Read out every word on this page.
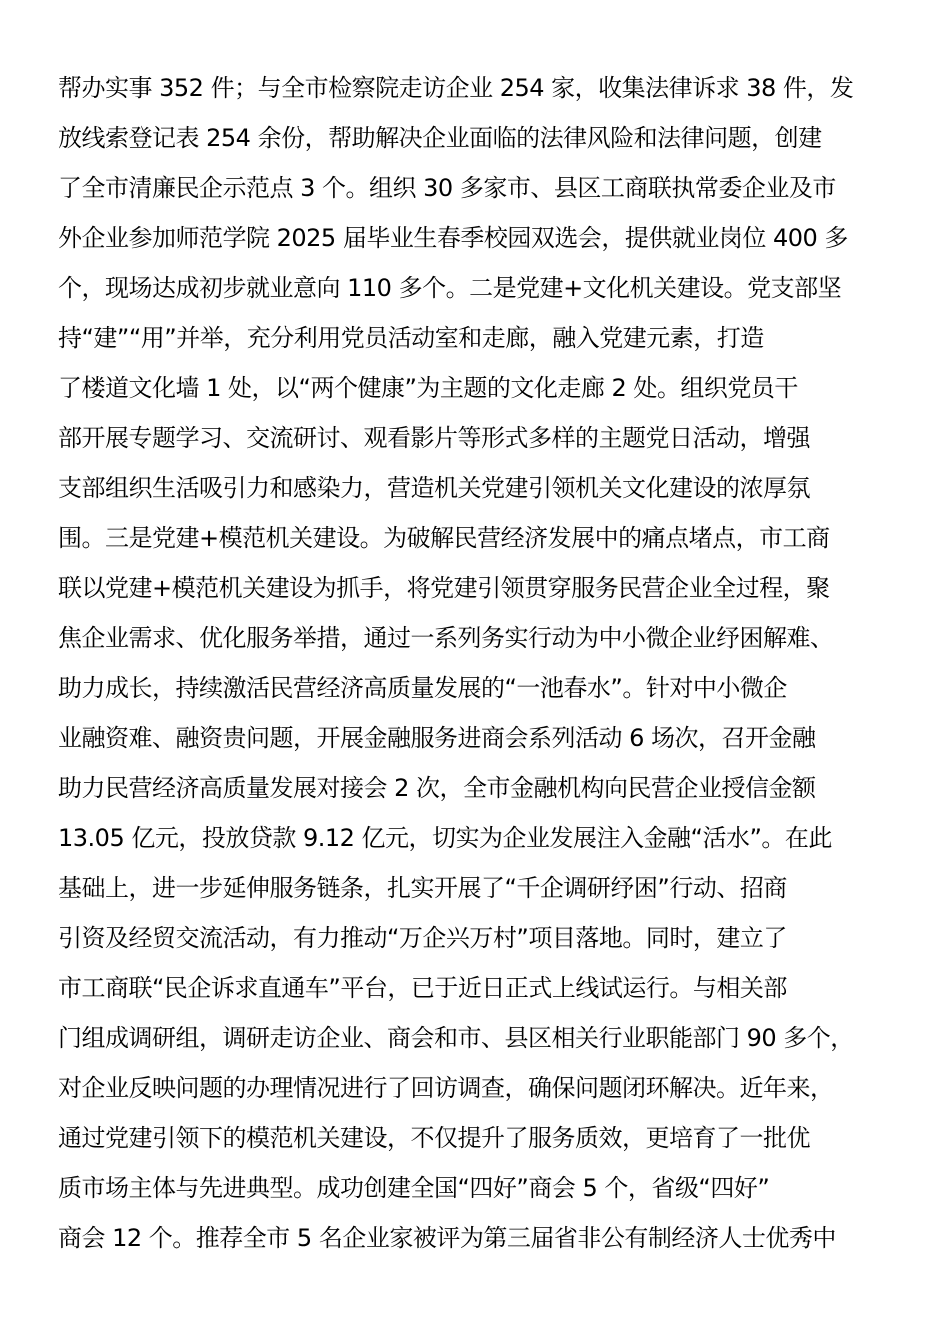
帮办实事 352 件；与全市检察院走访企业 254 家，收集法律诉求 38 件，发
放线索登记表 254 余份，帮助解决企业面临的法律风险和法律问题，创建
了全市清廉民企示范点 3 个。组织 30 多家市、县区工商联执常委企业及市
外企业参加师范学院 2025 届毕业生春季校园双选会，提供就业岗位 400 多
个，现场达成初步就业意向 110 多个。二是党建+文化机关建设。党支部坚
持“建”“用”并举，充分利用党员活动室和走廊，融入党建元素，打造
了楼道文化墙 1 处，以“两个健康”为主题的文化走廊 2 处。组织党员干
部开展专题学习、交流研讨、观看影片等形式多样的主题党日活动，增强
支部组织生活吸引力和感染力，营造机关党建引领机关文化建设的浓厚氛
围。三是党建+模范机关建设。为破解民营经济发展中的痛点堵点，市工商
联以党建+模范机关建设为抓手，将党建引领贯穿服务民营企业全过程，聚
焦企业需求、优化服务举措，通过一系列务实行动为中小微企业纾困解难、
助力成长，持续激活民营经济高质量发展的“一池春水”。针对中小微企
业融资难、融资贵问题，开展金融服务进商会系列活动 6 场次，召开金融
助力民营经济高质量发展对接会 2 次，全市金融机构向民营企业授信金额
13.05 亿元，投放贷款 9.12 亿元，切实为企业发展注入金融“活水”。在此
基础上，进一步延伸服务链条，扎实开展了“千企调研纾困”行动、招商
引资及经贸交流活动，有力推动“万企兴万村”项目落地。同时，建立了
市工商联“民企诉求直通车”平台，已于近日正式上线试运行。与相关部
门组成调研组，调研走访企业、商会和市、县区相关行业职能部门 90 多个，
对企业反映问题的办理情况进行了回访调查，确保问题闭环解决。近年来，
通过党建引领下的模范机关建设，不仅提升了服务质效，更培育了一批优
质市场主体与先进典型。成功创建全国“四好”商会 5 个，省级“四好”
商会 12 个。推荐全市 5 名企业家被评为第三届省非公有制经济人士优秀中
